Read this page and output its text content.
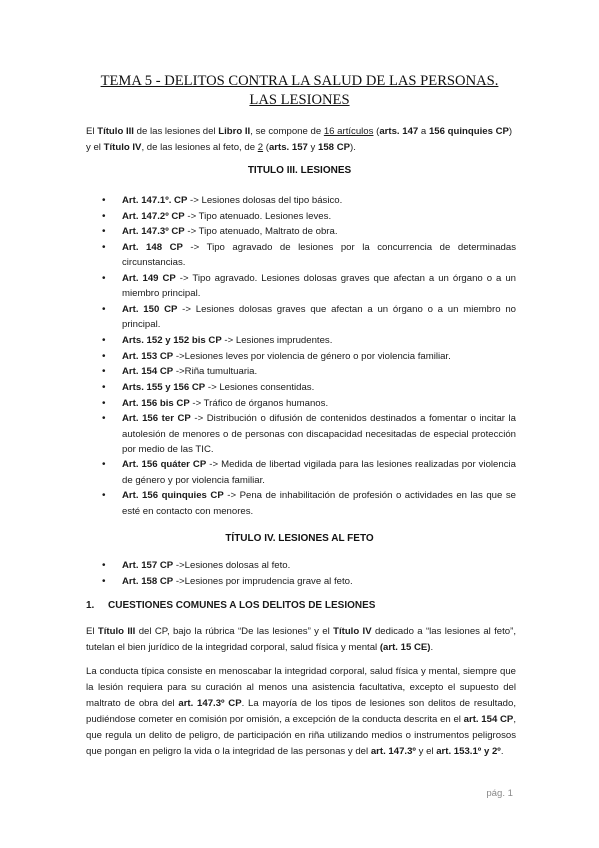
TEMA 5 - DELITOS CONTRA LA SALUD DE LAS PERSONAS.
LAS LESIONES
El Título III de las lesiones del Libro II, se compone de 16 artículos (arts. 147 a 156 quinquies CP) y el Título IV, de las lesiones al feto, de 2 (arts. 157 y 158 CP).
TITULO III. LESIONES
• Art. 147.1º. CP -> Lesiones dolosas del tipo básico.
• Art. 147.2º CP -> Tipo atenuado. Lesiones leves.
• Art. 147.3º CP -> Tipo atenuado, Maltrato de obra.
• Art. 148 CP -> Tipo agravado de lesiones por la concurrencia de determinadas circunstancias.
• Art. 149 CP -> Tipo agravado. Lesiones dolosas graves que afectan a un órgano o a un miembro principal.
• Art. 150 CP -> Lesiones dolosas graves que afectan a un órgano o a un miembro no principal.
• Arts. 152 y 152 bis CP -> Lesiones imprudentes.
• Art. 153 CP ->Lesiones leves por violencia de género o por violencia familiar.
• Art. 154 CP ->Riña tumultuaria.
• Arts. 155 y 156 CP -> Lesiones consentidas.
• Art. 156 bis CP -> Tráfico de órganos humanos.
• Art. 156 ter CP -> Distribución o difusión de contenidos destinados a fomentar o incitar la autolesión de menores o de personas con discapacidad necesitadas de especial protección por medio de las TIC.
• Art. 156 quáter CP -> Medida de libertad vigilada para las lesiones realizadas por violencia de género y por violencia familiar.
• Art. 156 quinquies CP -> Pena de inhabilitación de profesión o actividades en las que se esté en contacto con menores.
TÍTULO IV. LESIONES AL FETO
• Art. 157 CP ->Lesiones dolosas al feto.
• Art. 158 CP ->Lesiones por imprudencia grave al feto.
1. CUESTIONES COMUNES A LOS DELITOS DE LESIONES
El Título III del CP, bajo la rúbrica “De las lesiones” y el Título IV dedicado a “las lesiones al feto”, tutelan el bien jurídico de la integridad corporal, salud física y mental (art. 15 CE).
La conducta típica consiste en menoscabar la integridad corporal, salud física y mental, siempre que la lesión requiera para su curación al menos una asistencia facultativa, excepto el supuesto del maltrato de obra del art. 147.3º CP. La mayoría de los tipos de lesiones son delitos de resultado, pudiéndose cometer en comisión por omisión, a excepción de la conducta descrita en el art. 154 CP, que regula un delito de peligro, de participación en riña utilizando medios o instrumentos peligrosos que pongan en peligro la vida o la integridad de las personas y del art. 147.3º y el art. 153.1º y 2º.
pág. 1
